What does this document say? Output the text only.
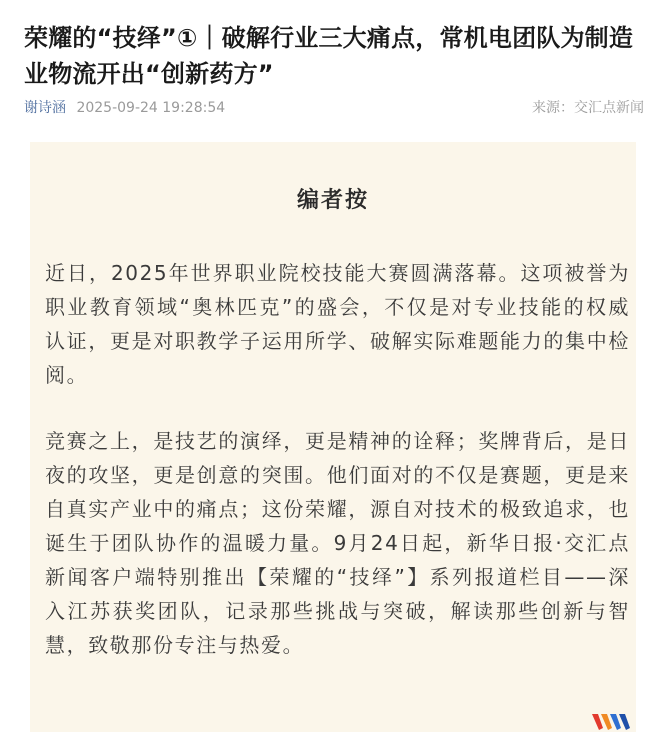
荣耀的“技绎”①｜破解行业三大痛点，常机电团队为制造业物流开出“创新药方”
谢诗涵 2025-09-24 19:28:54	来源：交汇点新闻
编者按

近日，2025年世界职业院校技能大赛圆满落幕。这项被誉为职业教育领域“奥林匹克”的盛会，不仅是对专业技能的权威认证，更是对职教学子运用所学、破解实际难题能力的集中检阅。

竞赛之上，是技艺的演绎，更是精神的诠释；奖牌背后，是日夜的攻坚，更是创意的突围。他们面对的不仅是赛题，更是来自真实产业中的痛点；这份荣耀，源自对技术的极致追求，也诞生于团队协作的温暖力量。9月24日起，新华日报·交汇点新闻客户端特别推出【荣耀的“技绎”】系列报道栏目——深入江苏获奖团队，记录那些挑战与突破，解读那些创新与智慧，致敬那份专注与热爱。
